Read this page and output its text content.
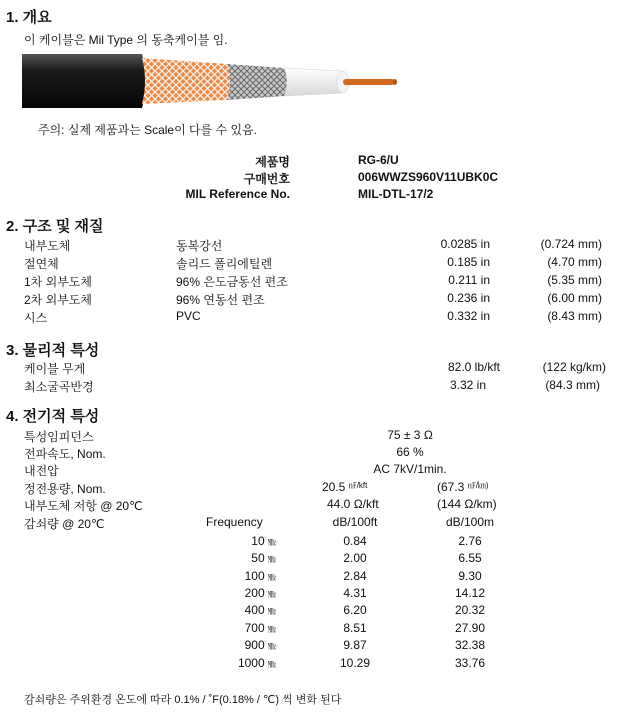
1. 개요
이 케이블은 Mil Type 의 동축케이블 임.
주의: 실제 제품과는 Scale이 다를 수 있음.
제품명	RG-6/U
구매번호	006WWZS960V11UBK0C
MIL Reference No.	MIL-DTL-17/2
2. 구조 및 재질
내부도체	동복강선	0.0285 in	(0.724 mm)
절연체	솔리드 폴리에틸렌	0.185 in	(4.70 mm)
1차 외부도체	96% 은도금동선 편조	0.211 in	(5.35 mm)
2차 외부도체	96% 연동선 편조	0.236 in	(6.00 mm)
시스	PVC	0.332 in	(8.43 mm)
3. 물리적 특성
케이블 무게	82.0 lb/kft	(122 kg/km)
최소굴곡반경	3.32 in	(84.3 mm)
4. 전기적 특성
특성임피던스	75 ± 3 Ω
전파속도, Nom.	66 %
내전압	AC 7kV/1min.
정전용량, Nom.	20.5 $^{㎋/kft}$	(67.3 ㎋/㎞)
내부도체 저항 @ 20℃	44.0 Ω/kft	(144 Ω/km)
감쇠량 @ 20℃	Frequency	dB/100ft	dB/100m
10 ㎒	0.84	2.76
50 ㎒	2.00	6.55
100 ㎒	2.84	9.30
200 ㎒	4.31	14.12
400 ㎒	6.20	20.32
700 ㎒	8.51	27.90
900 ㎒	9.87	32.38
1000 ㎒	10.29	33.76
감쇠량은 주위환경 온도에 따라 0.1% / ˚F(0.18% / ℃) 씩 변화 된다
